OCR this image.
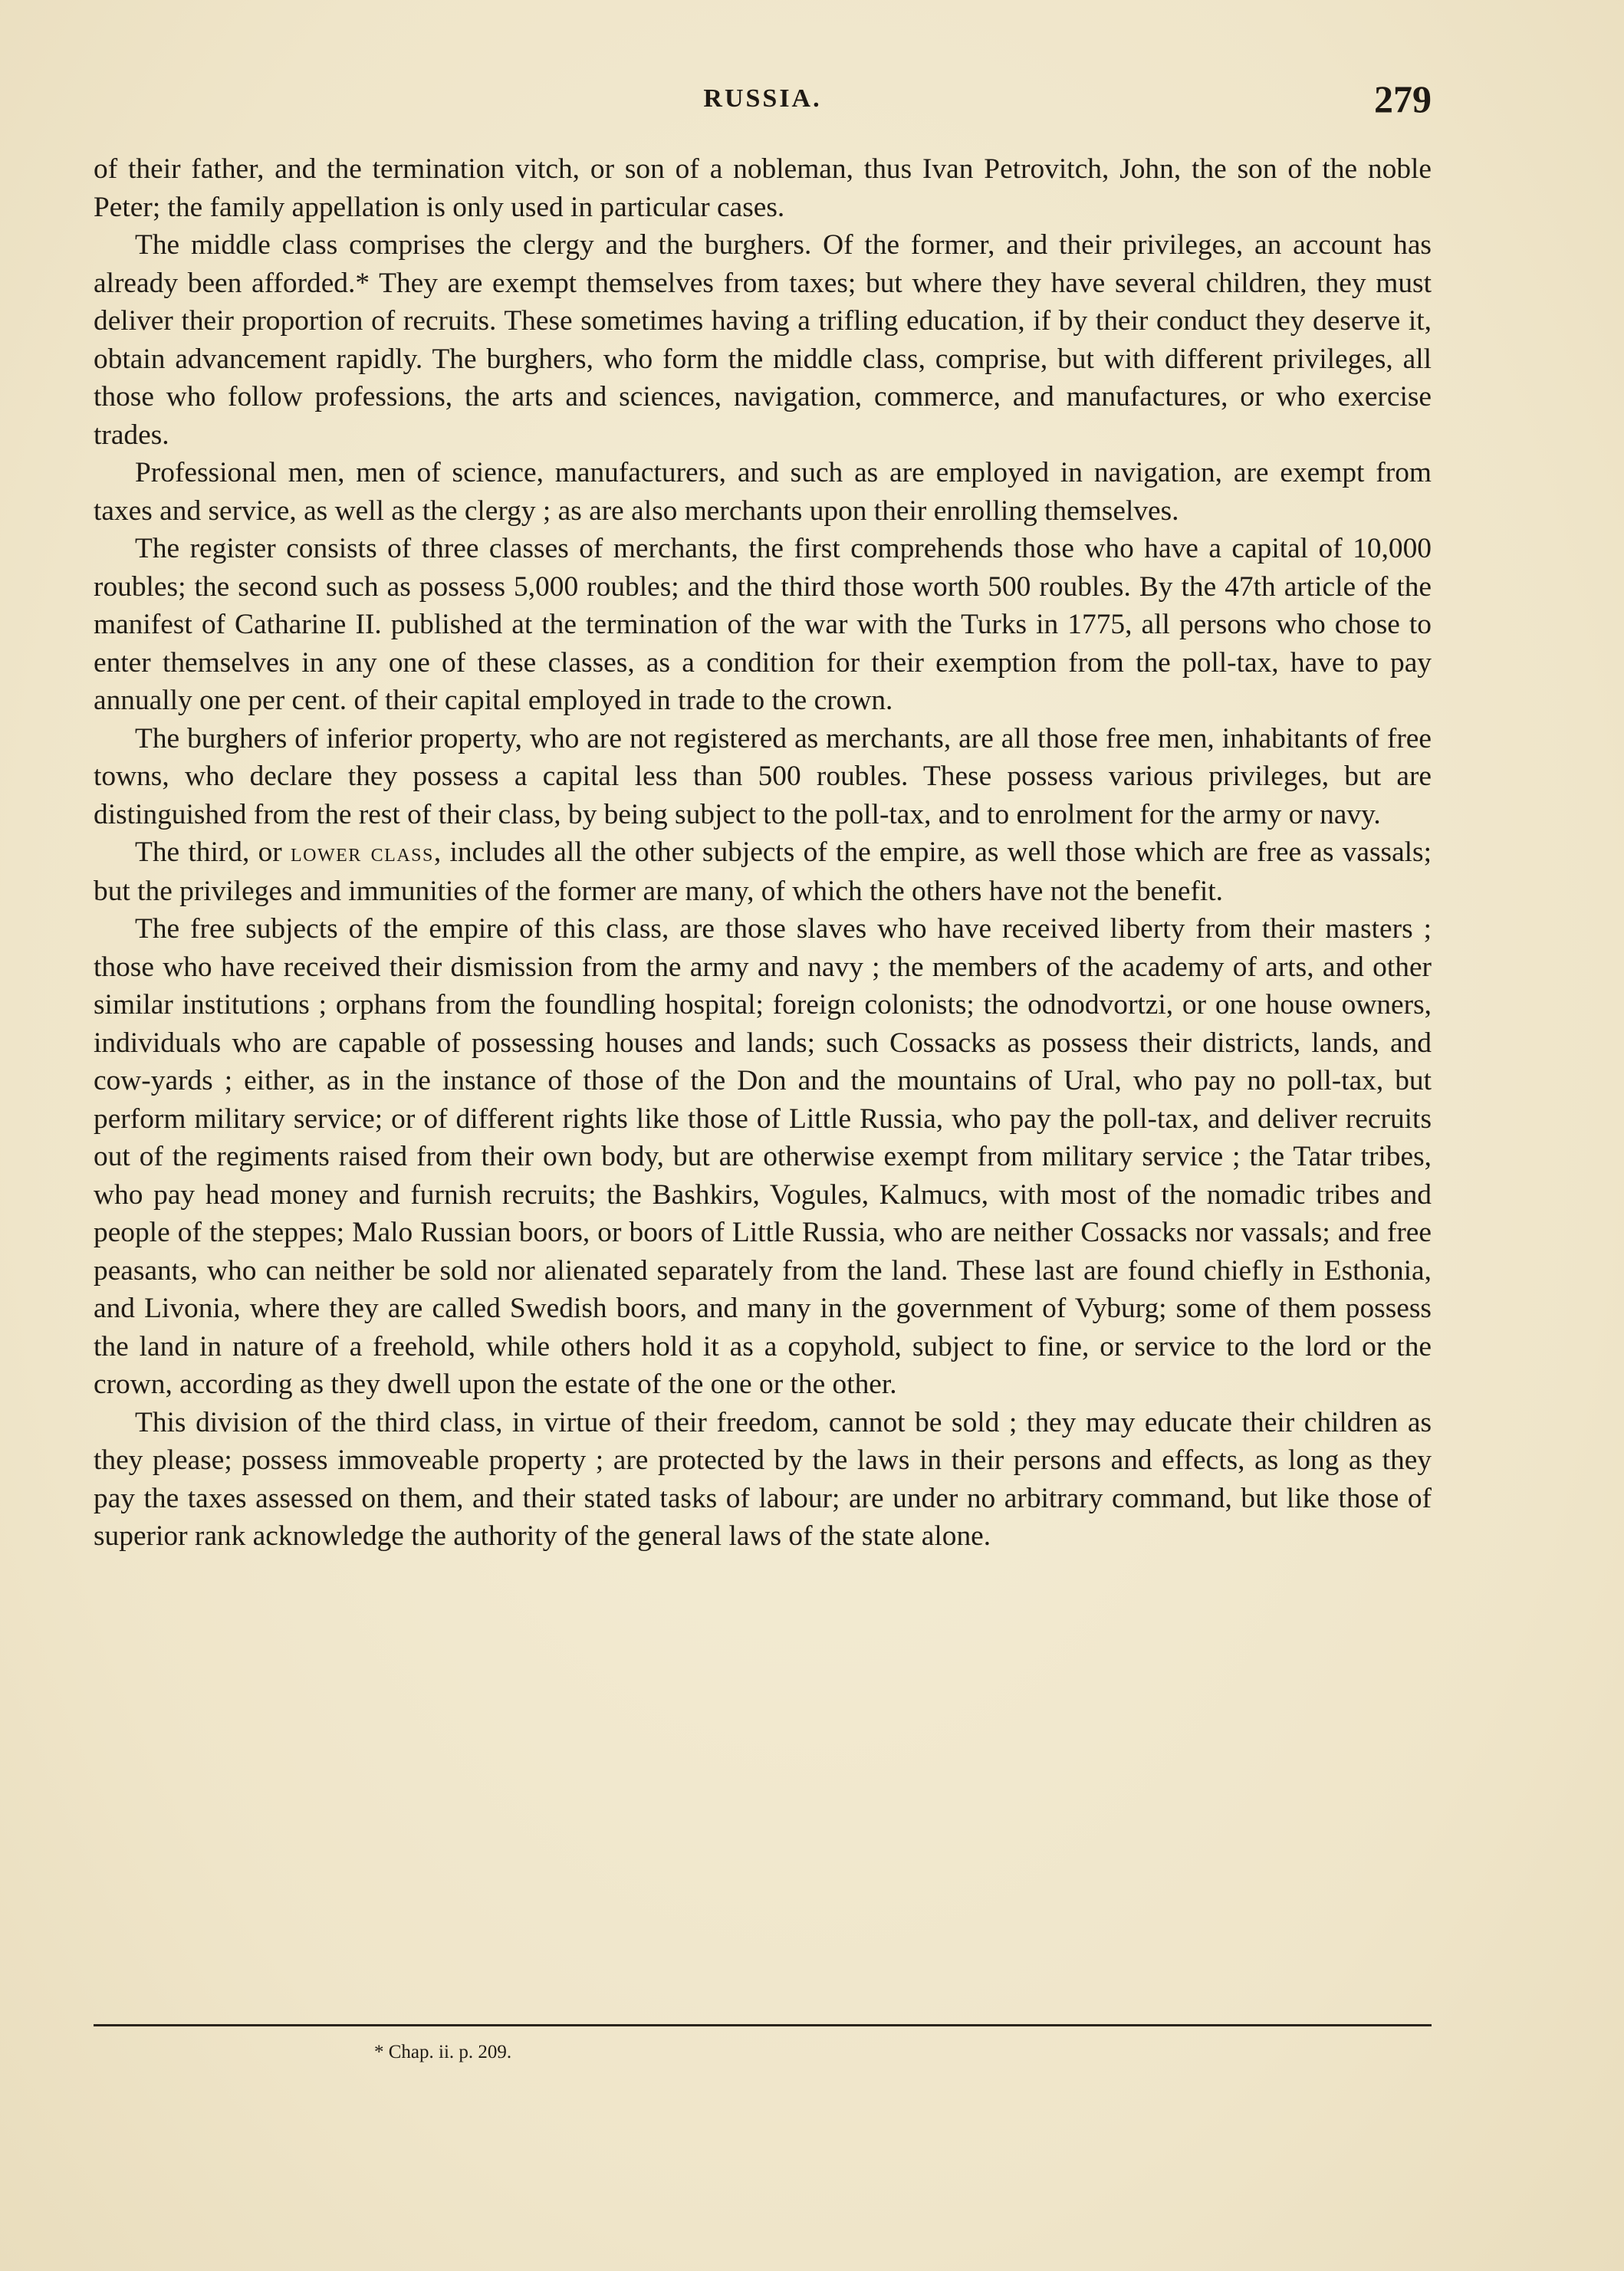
RUSSIA.	279

of their father, and the termination vitch, or son of a nobleman, thus Ivan Petrovitch, John, the son of the noble Peter; the family appellation is only used in particular cases.

The middle class comprises the clergy and the burghers. Of the former, and their privileges, an account has already been afforded.* They are exempt themselves from taxes; but where they have several children, they must deliver their proportion of recruits. These sometimes having a trifling education, if by their conduct they deserve it, obtain advancement rapidly. The burghers, who form the middle class, comprise, but with different privileges, all those who follow professions, the arts and sciences, navigation, commerce, and manufactures, or who exercise trades.

Professional men, men of science, manufacturers, and such as are employed in navigation, are exempt from taxes and service, as well as the clergy ; as are also merchants upon their enrolling themselves.

The register consists of three classes of merchants, the first comprehends those who have a capital of 10,000 roubles; the second such as possess 5,000 roubles; and the third those worth 500 roubles. By the 47th article of the manifest of Catharine II. published at the termination of the war with the Turks in 1775, all persons who chose to enter themselves in any one of these classes, as a condition for their exemption from the poll-tax, have to pay annually one per cent. of their capital employed in trade to the crown.

The burghers of inferior property, who are not registered as merchants, are all those free men, inhabitants of free towns, who declare they possess a capital less than 500 roubles. These possess various privileges, but are distinguished from the rest of their class, by being subject to the poll-tax, and to enrolment for the army or navy.

The third, or lower class, includes all the other subjects of the empire, as well those which are free as vassals; but the privileges and immunities of the former are many, of which the others have not the benefit.

The free subjects of the empire of this class, are those slaves who have received liberty from their masters ; those who have received their dismission from the army and navy ; the members of the academy of arts, and other similar institutions ; orphans from the foundling hospital; foreign colonists; the odnodvortzi, or one house owners, individuals who are capable of possessing houses and lands; such Cossacks as possess their districts, lands, and cow-yards ; either, as in the instance of those of the Don and the mountains of Ural, who pay no poll-tax, but perform military service; or of different rights like those of Little Russia, who pay the poll-tax, and deliver recruits out of the regiments raised from their own body, but are otherwise exempt from military service ; the Tatar tribes, who pay head money and furnish recruits; the Bashkirs, Vogules, Kalmucs, with most of the nomadic tribes and people of the steppes; Malo Russian boors, or boors of Little Russia, who are neither Cossacks nor vassals; and free peasants, who can neither be sold nor alienated separately from the land. These last are found chiefly in Esthonia, and Livonia, where they are called Swedish boors, and many in the government of Vyburg; some of them possess the land in nature of a freehold, while others hold it as a copyhold, subject to fine, or service to the lord or the crown, according as they dwell upon the estate of the one or the other.

This division of the third class, in virtue of their freedom, cannot be sold ; they may educate their children as they please; possess immoveable property ; are protected by the laws in their persons and effects, as long as they pay the taxes assessed on them, and their stated tasks of labour; are under no arbitrary command, but like those of superior rank acknowledge the authority of the general laws of the state alone.

* Chap. ii. p. 209.
